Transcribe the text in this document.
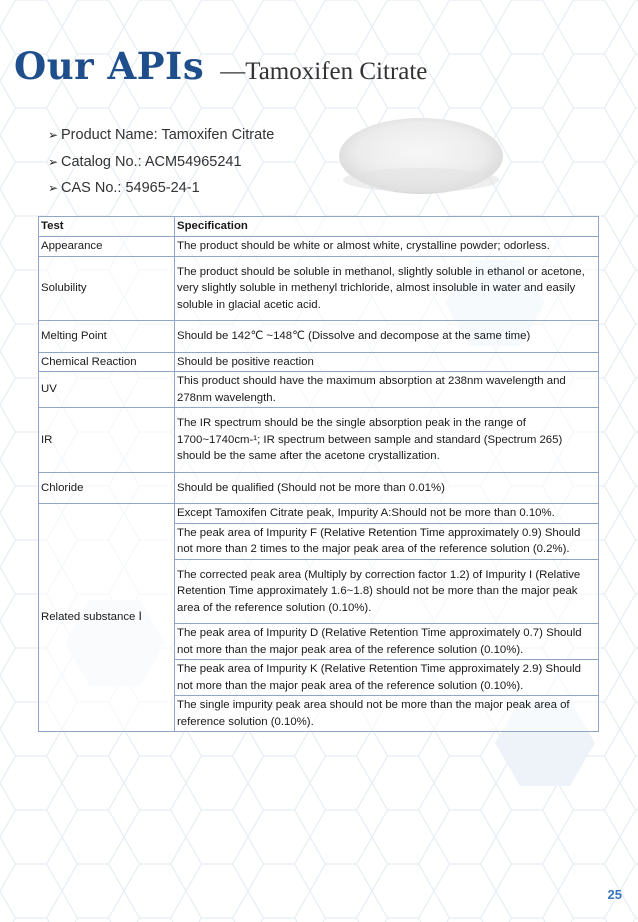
Our APIs —Tamoxifen Citrate
➢ Product Name: Tamoxifen Citrate
➢ Catalog No.: ACM54965241
➢ CAS No.: 54965-24-1
Test	Specification
Appearance	The product should be white or almost white, crystalline powder; odorless.
Solubility	The product should be soluble in methanol, slightly soluble in ethanol or acetone, very slightly soluble in methenyl trichloride, almost insoluble in water and easily soluble in glacial acetic acid.
Melting Point	Should be 142℃ ~148℃ (Dissolve and decompose at the same time)
Chemical Reaction	Should be positive reaction
UV	This product should have the maximum absorption at 238nm wavelength and 278nm wavelength.
IR	The IR spectrum should be the single absorption peak in the range of 1700~1740cm-¹; IR spectrum between sample and standard (Spectrum 265) should be the same after the acetone crystallization.
Chloride	Should be qualified (Should not be more than 0.01%)
Related substance Ⅰ	Except Tamoxifen Citrate peak, Impurity A:Should not be more than 0.10%.
	The peak area of Impurity F (Relative Retention Time approximately 0.9) Should not more than 2 times to the major peak area of the reference solution (0.2%).
	The corrected peak area (Multiply by correction factor 1.2) of Impurity I (Relative Retention Time approximately 1.6~1.8) should not be more than the major peak area of the reference solution (0.10%).
	The peak area of Impurity D (Relative Retention Time approximately 0.7) Should not more than the major peak area of the reference solution (0.10%).
	The peak area of Impurity K (Relative Retention Time approximately 2.9) Should not more than the major peak area of the reference solution (0.10%).
	The single impurity peak area should not be more than the major peak area of reference solution (0.10%).
25
